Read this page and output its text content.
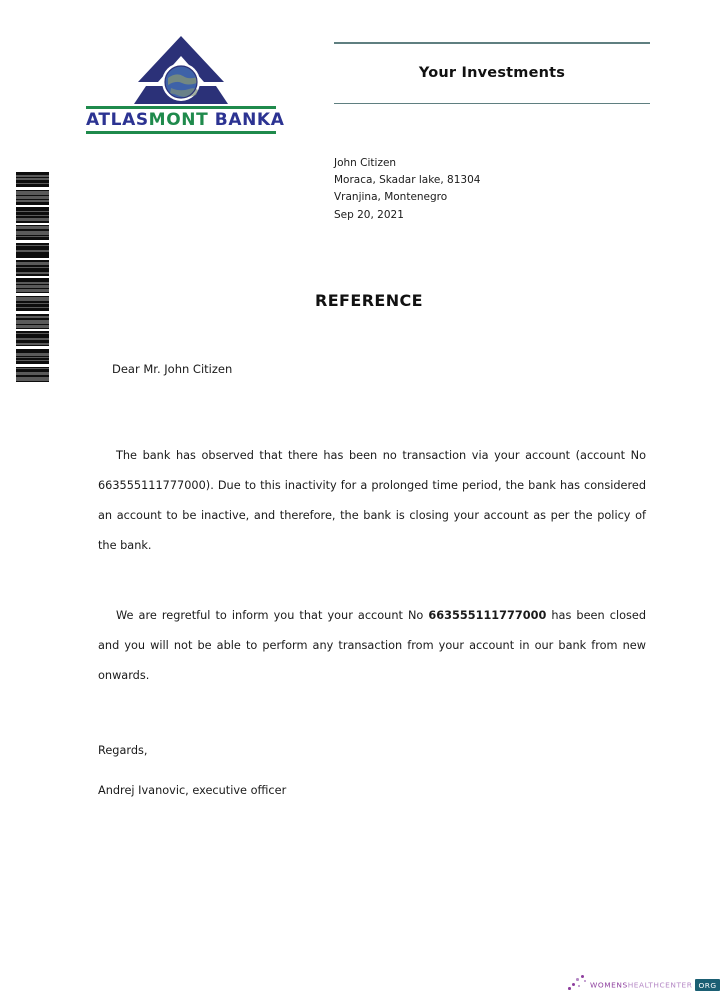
ATLASMONT BANKA
Your Investments
John Citizen
Moraca, Skadar lake, 81304
Vranjina, Montenegro
Sep 20, 2021
REFERENCE
Dear Mr. John Citizen

The bank has observed that there has been no transaction via your account (account No 663555111777000). Due to this inactivity for a prolonged time period, the bank has considered an account to be inactive, and therefore, the bank is closing your account as per the policy of the bank.

We are regretful to inform you that your account No 663555111777000 has been closed and you will not be able to perform any transaction from your account in our bank from new onwards.

Regards,
Andrej Ivanovic, executive officer
WOMENSHEALTHCENTER ORG
